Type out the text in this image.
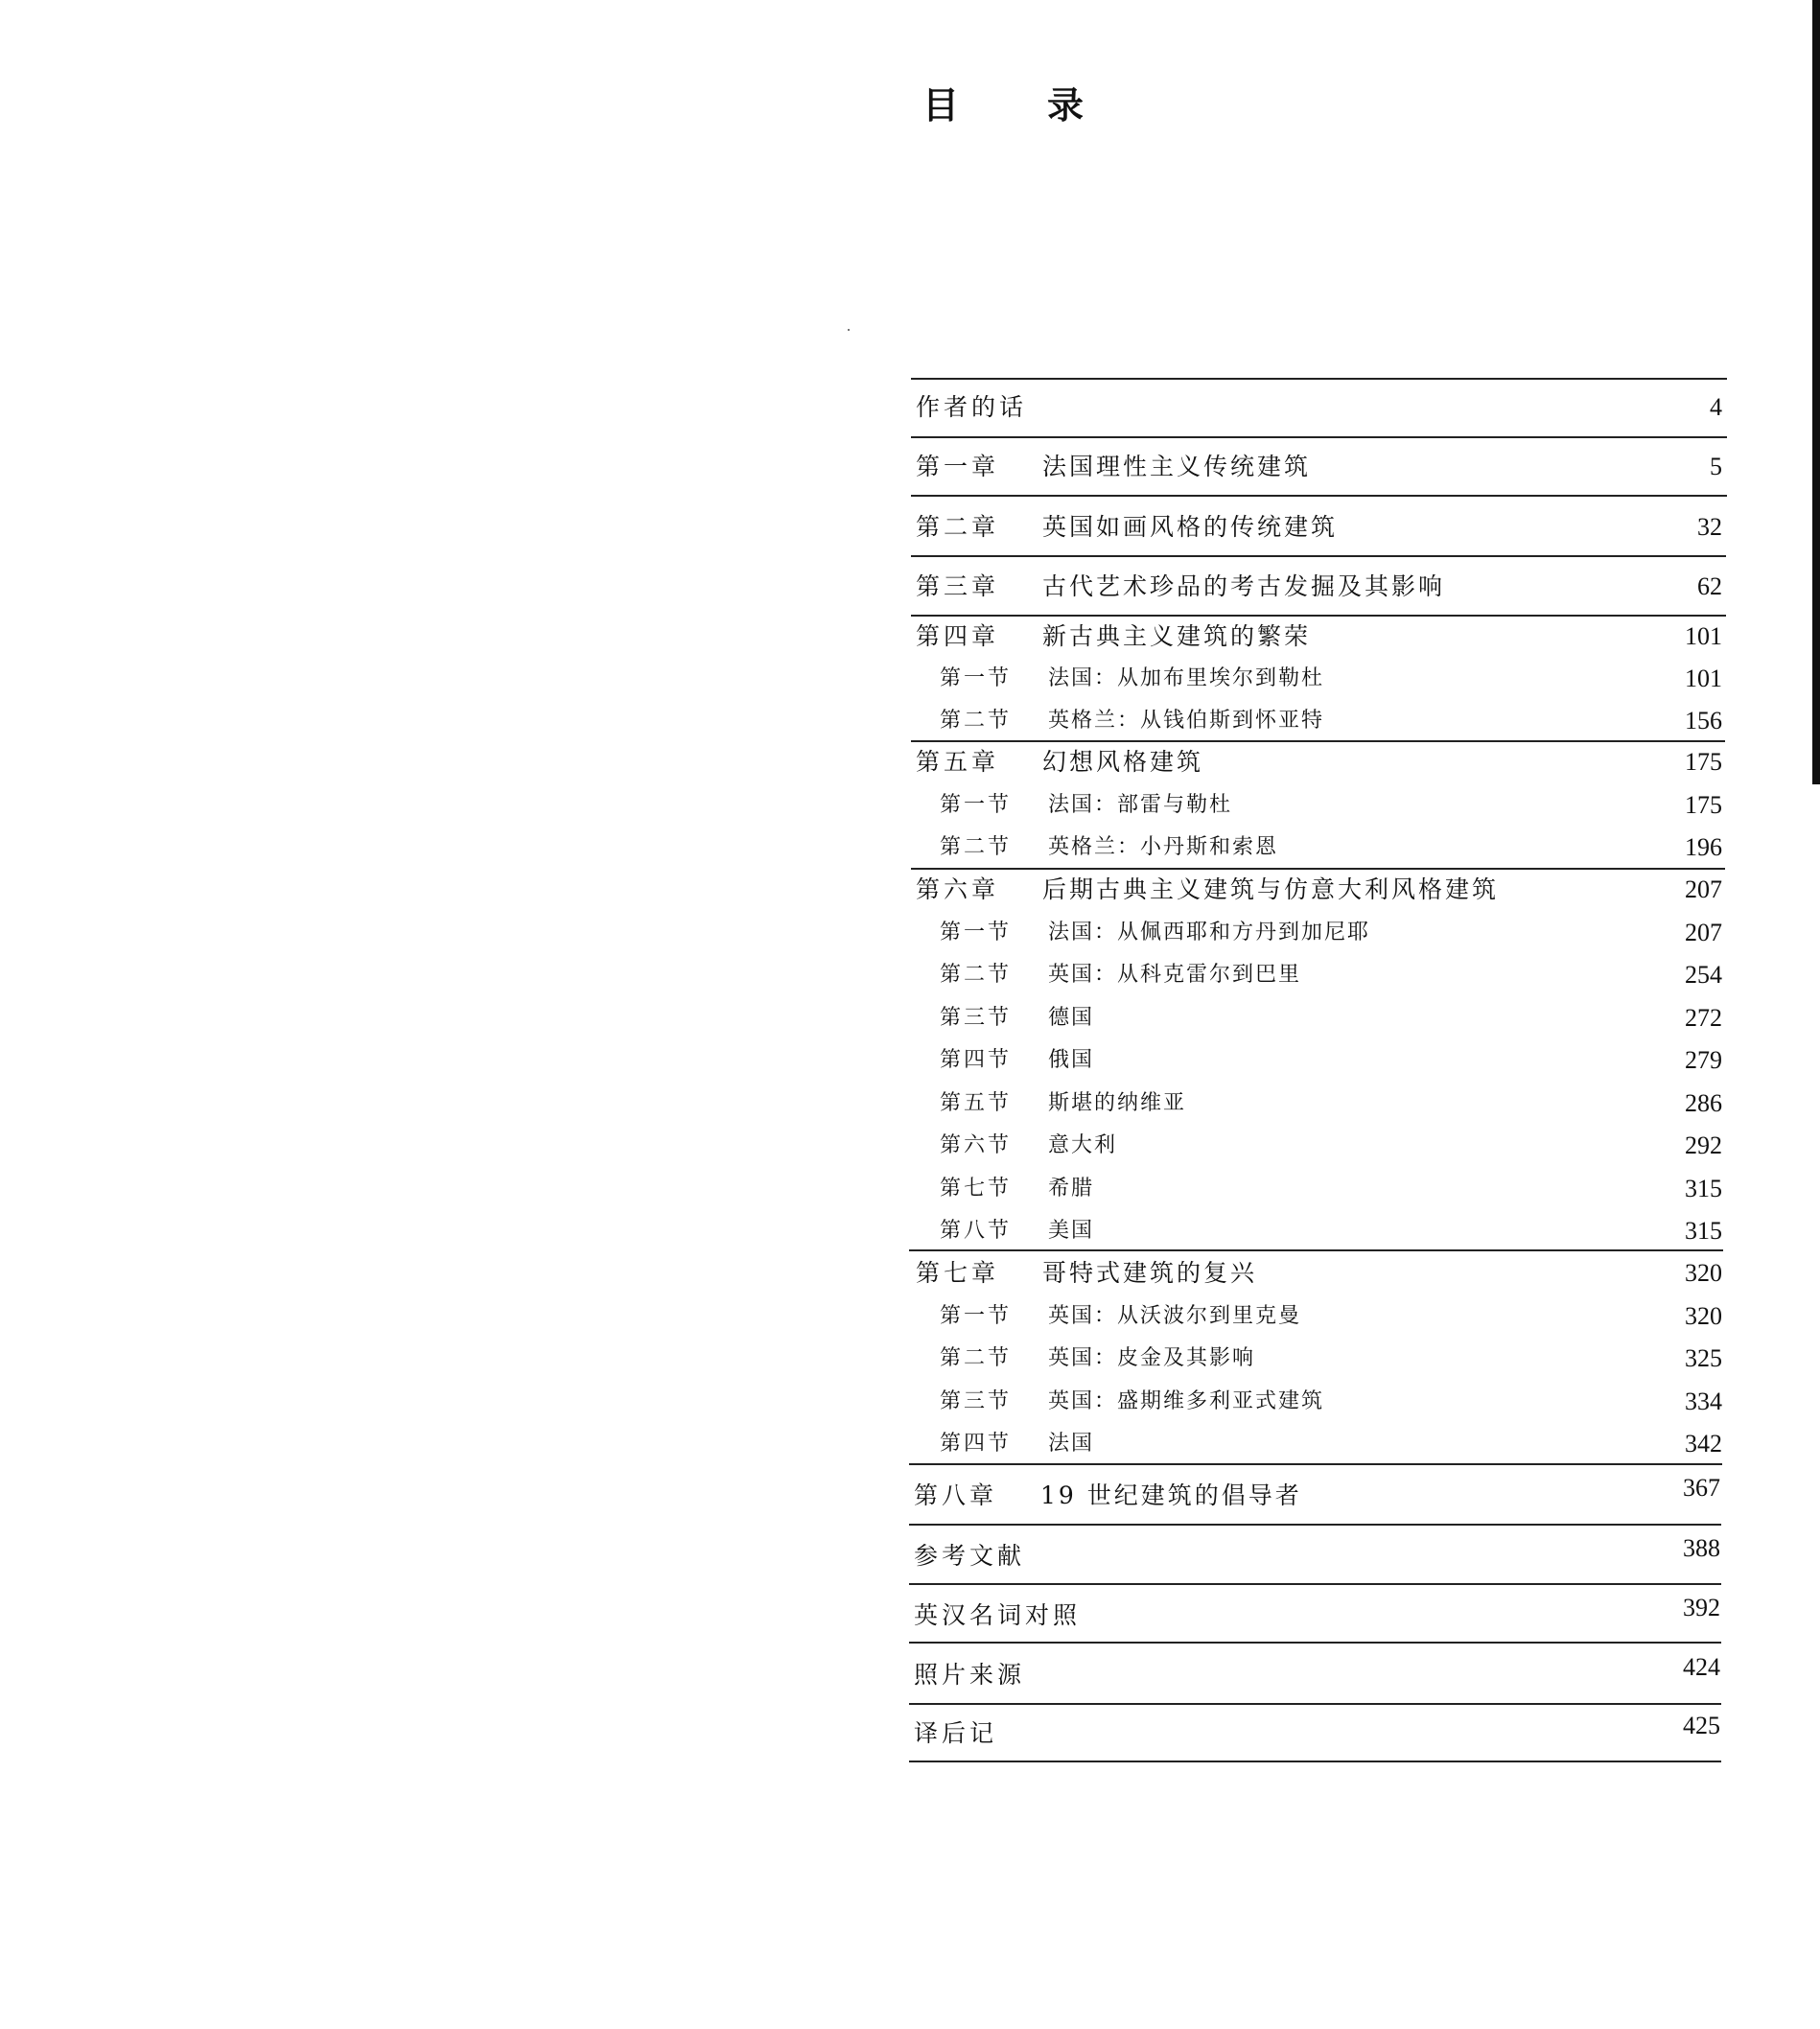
目 录
作者的话	4
第一章 法国理性主义传统建筑	5
第二章 英国如画风格的传统建筑	32
第三章 古代艺术珍品的考古发掘及其影响	62
第四章 新古典主义建筑的繁荣	101
第一节 法国：从加布里埃尔到勒杜	101
第二节 英格兰：从钱伯斯到怀亚特	156
第五章 幻想风格建筑	175
第一节 法国：部雷与勒杜	175
第二节 英格兰：小丹斯和索恩	196
第六章 后期古典主义建筑与仿意大利风格建筑	207
第一节 法国：从佩西耶和方丹到加尼耶	207
第二节 英国：从科克雷尔到巴里	254
第三节 德国	272
第四节 俄国	279
第五节 斯堪的纳维亚	286
第六节 意大利	292
第七节 希腊	315
第八节 美国	315
第七章 哥特式建筑的复兴	320
第一节 英国：从沃波尔到里克曼	320
第二节 英国：皮金及其影响	325
第三节 英国：盛期维多利亚式建筑	334
第四节 法国	342
第八章 19 世纪建筑的倡导者	367
参考文献	388
英汉名词对照	392
照片来源	424
译后记	425
